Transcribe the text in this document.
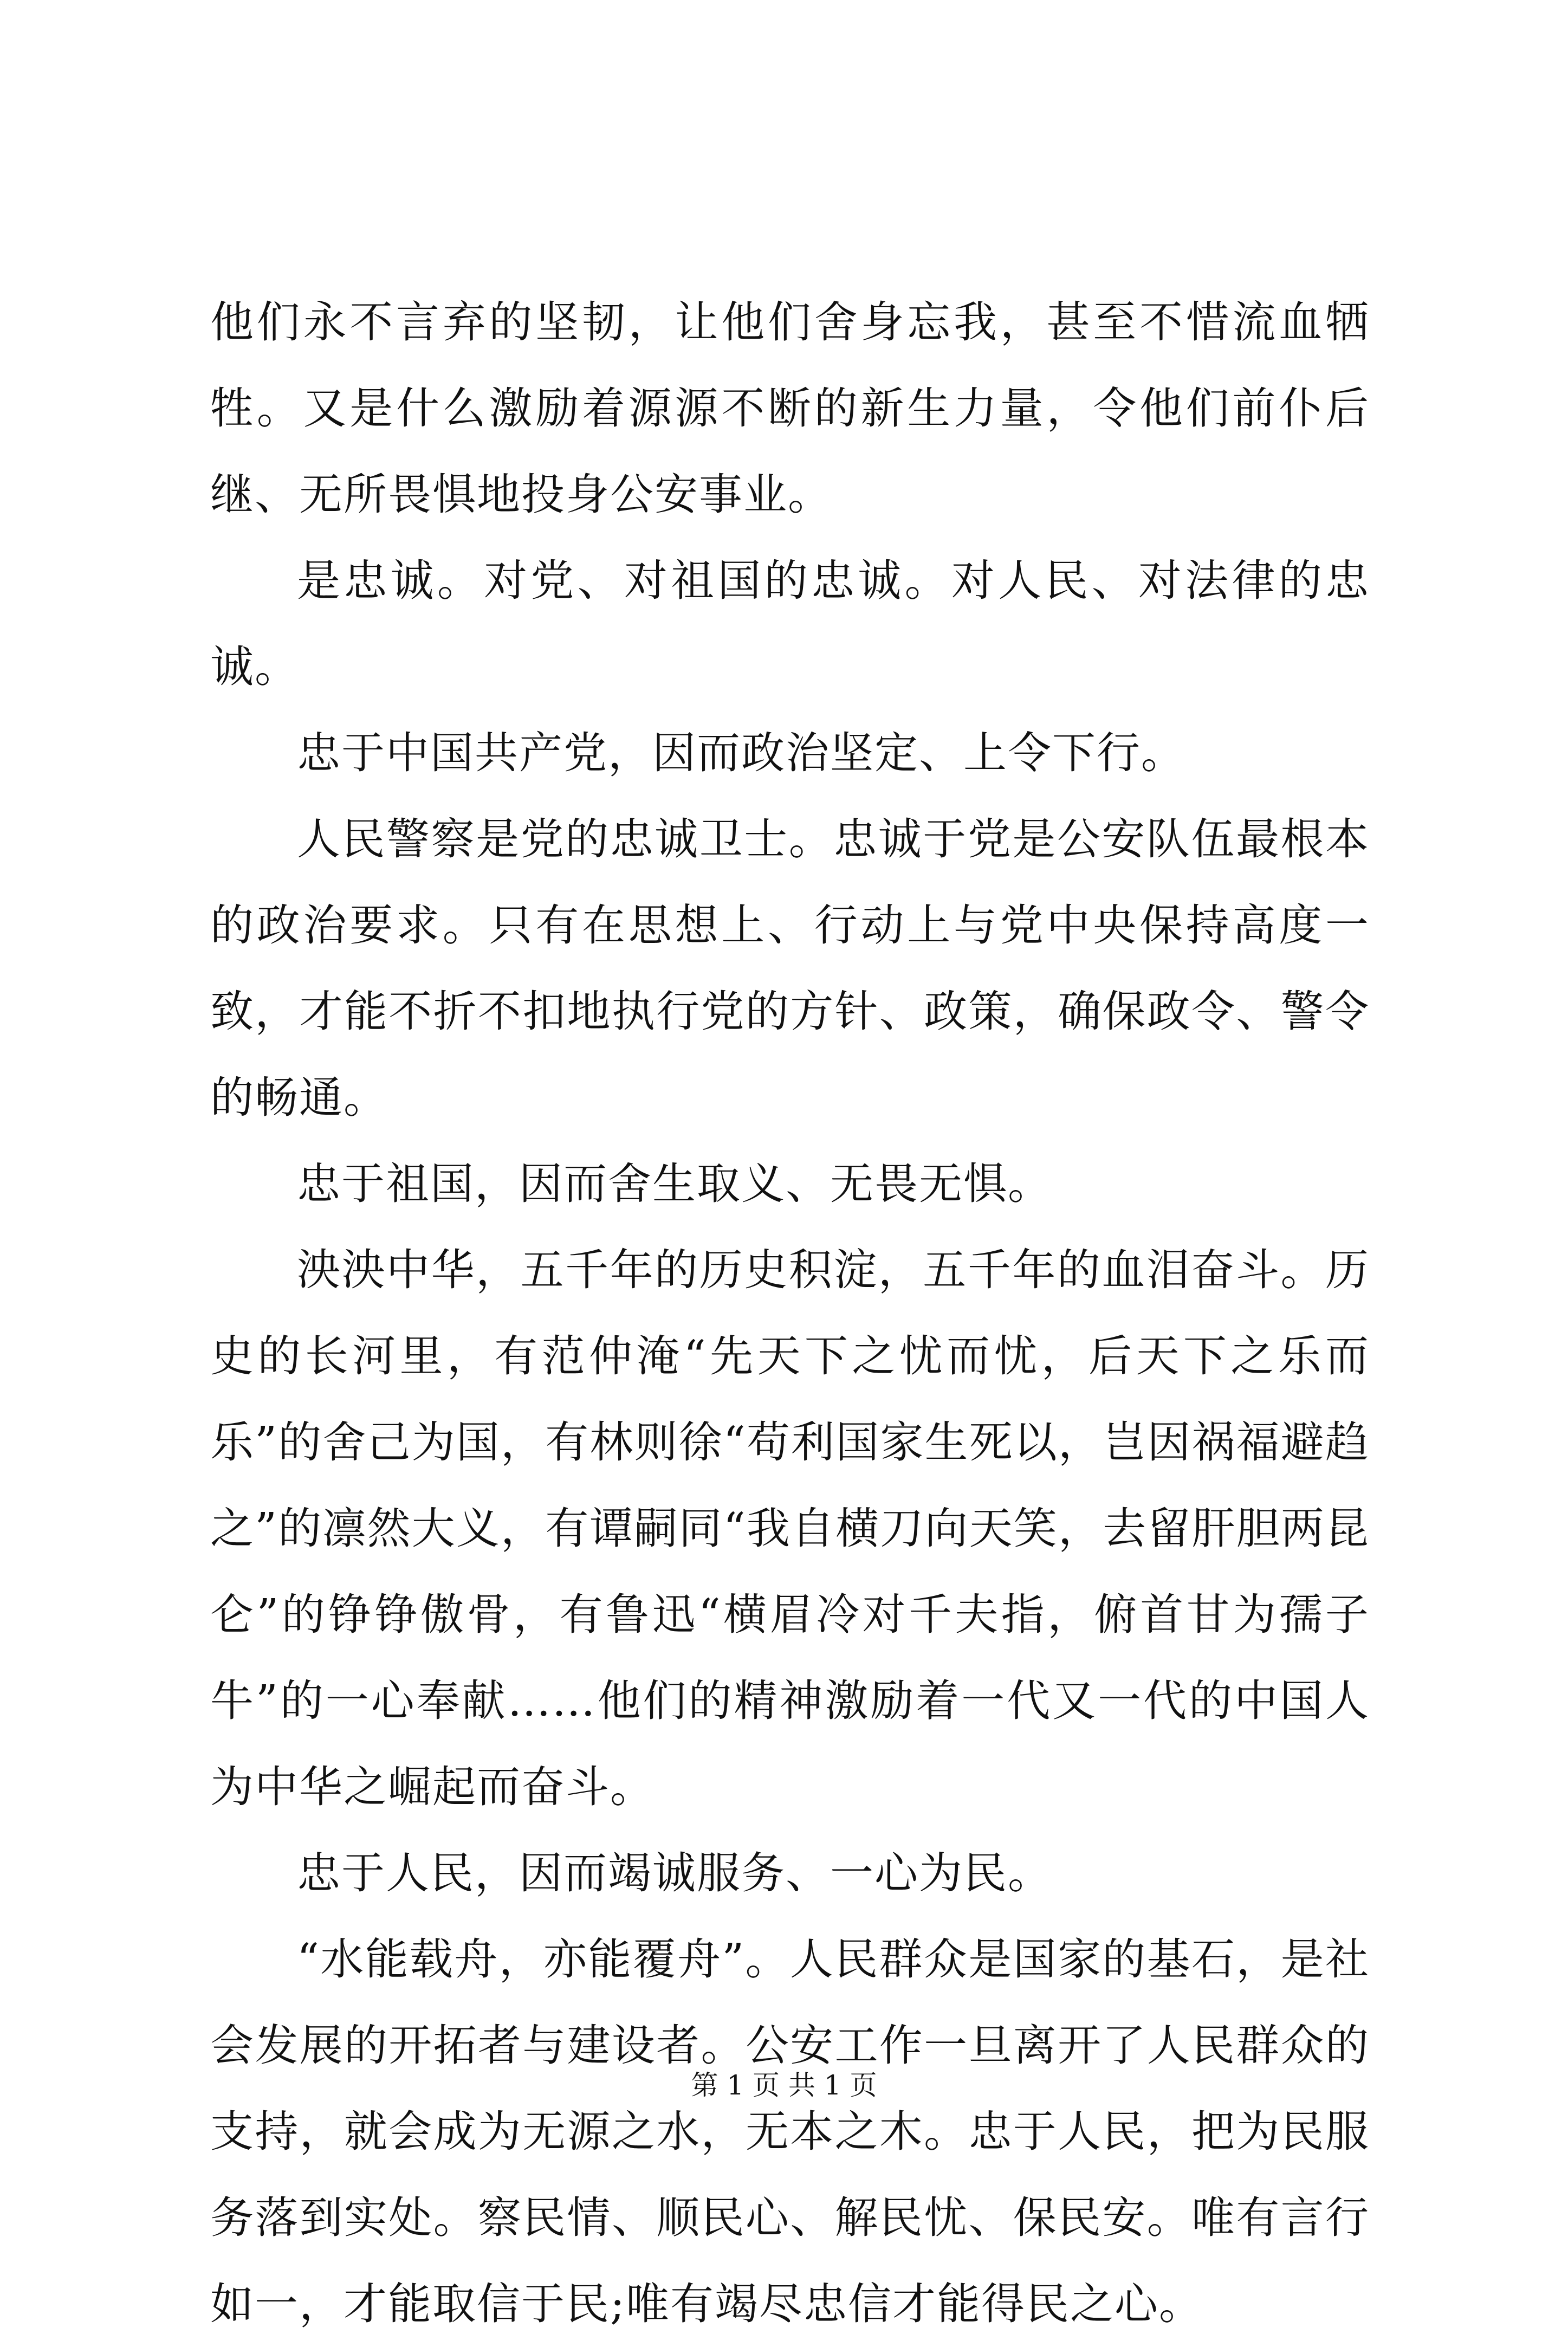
他们永不言弃的坚韧，让他们舍身忘我，甚至不惜流血牺牲。又是什么激励着源源不断的新生力量，令他们前仆后继、无所畏惧地投身公安事业。

是忠诚。对党、对祖国的忠诚。对人民、对法律的忠诚。

忠于中国共产党，因而政治坚定、上令下行。

人民警察是党的忠诚卫士。忠诚于党是公安队伍最根本的政治要求。只有在思想上、行动上与党中央保持高度一致，才能不折不扣地执行党的方针、政策，确保政令、警令的畅通。

忠于祖国，因而舍生取义、无畏无惧。

泱泱中华，五千年的历史积淀，五千年的血泪奋斗。历史的长河里，有范仲淹“先天下之忧而忧，后天下之乐而乐”的舍己为国，有林则徐“苟利国家生死以，岂因祸福避趋之”的凛然大义，有谭嗣同“我自横刀向天笑，去留肝胆两昆仑”的铮铮傲骨，有鲁迅“横眉冷对千夫指，俯首甘为孺子牛”的一心奉献……他们的精神激励着一代又一代的中国人为中华之崛起而奋斗。

忠于人民，因而竭诚服务、一心为民。

“水能载舟，亦能覆舟”。人民群众是国家的基石，是社会发展的开拓者与建设者。公安工作一旦离开了人民群众的支持，就会成为无源之水，无本之木。忠于人民，把为民服务落到实处。察民情、顺民心、解民忧、保民安。唯有言行如一，才能取信于民;唯有竭尽忠信才能得民之心。

第 1 页 共 1 页
